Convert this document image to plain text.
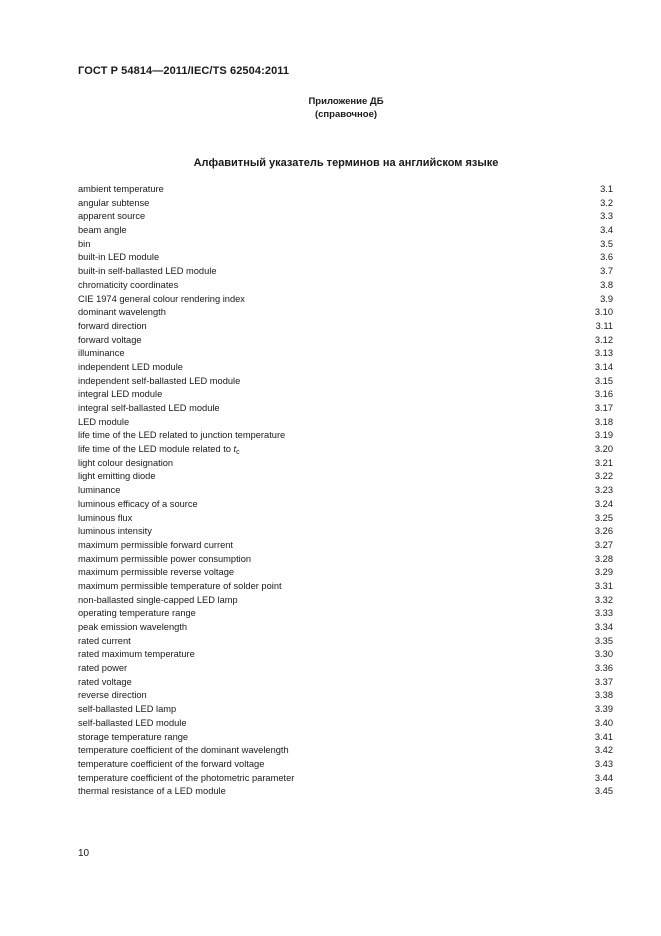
ГОСТ Р 54814—2011/IEC/TS 62504:2011
Приложение ДБ
(справочное)
Алфавитный указатель терминов на английском языке
ambient temperature	3.1
angular subtense	3.2
apparent source	3.3
beam angle	3.4
bin	3.5
built-in LED module	3.6
built-in self-ballasted LED module	3.7
chromaticity coordinates	3.8
CIE 1974 general colour rendering index	3.9
dominant wavelength	3.10
forward direction	3.11
forward voltage	3.12
illuminance	3.13
independent LED module	3.14
independent self-ballasted LED module	3.15
integral LED module	3.16
integral self-ballasted LED module	3.17
LED module	3.18
life time of the LED related to junction temperature	3.19
life time of the LED module related to $t_c$	3.20
light colour designation	3.21
light emitting diode	3.22
luminance	3.23
luminous efficacy of a source	3.24
luminous flux	3.25
luminous intensity	3.26
maximum permissible forward current	3.27
maximum permissible power consumption	3.28
maximum permissible reverse voltage	3.29
maximum permissible temperature of solder point	3.31
non-ballasted single-capped LED lamp	3.32
operating temperature range	3.33
peak emission wavelength	3.34
rated current	3.35
rated maximum temperature	3.30
rated power	3.36
rated voltage	3.37
reverse direction	3.38
self-ballasted LED lamp	3.39
self-ballasted LED module	3.40
storage temperature range	3.41
temperature coefficient of the dominant wavelength	3.42
temperature coefficient of the forward voltage	3.43
temperature coefficient of the photometric parameter	3.44
thermal resistance of a LED module	3.45
10
